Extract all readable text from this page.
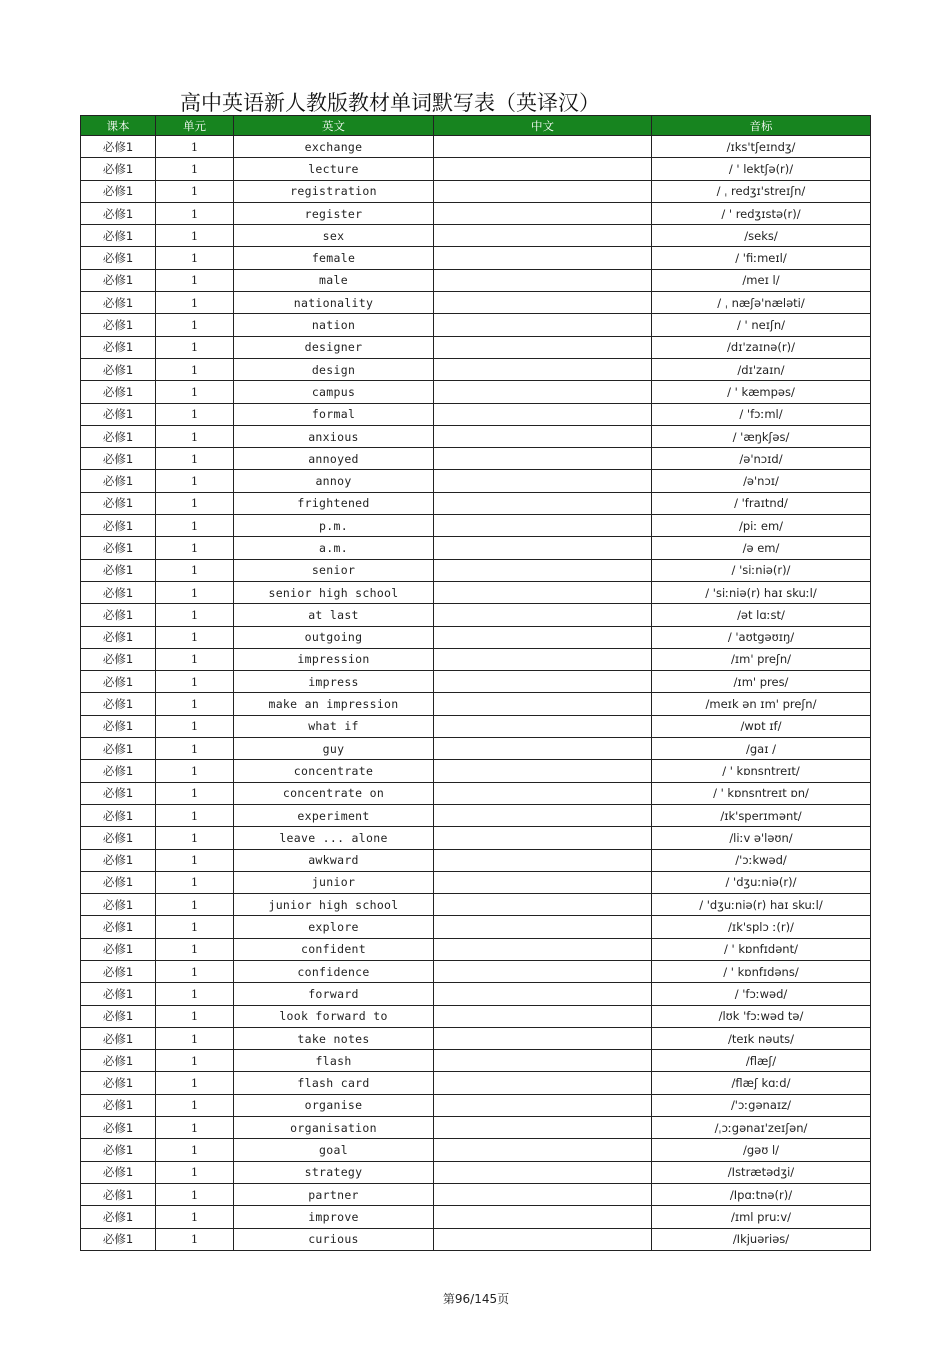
高中英语新人教版教材单词默写表（英译汉）
课本	单元	英文	中文	音标
必修1	1	exchange		/ɪks'tʃeɪndʒ/
必修1	1	lecture		/ ' lektʃə(r)/
必修1	1	registration		/ ˌ redʒɪ'streɪʃn/
必修1	1	register		/ ' redʒɪstə(r)/
必修1	1	sex		/seks/
必修1	1	female		/ 'fiːmeɪl/
必修1	1	male		/meɪ l/
必修1	1	nationality		/ ˌ næʃə'næləti/
必修1	1	nation		/ ' neɪʃn/
必修1	1	designer		/dɪ'zaɪnə(r)/
必修1	1	design		/dɪ'zaɪn/
必修1	1	campus		/ ' kæmpəs/
必修1	1	formal		/ 'fɔːml/
必修1	1	anxious		/ 'æŋkʃəs/
必修1	1	annoyed		/ə'nɔɪd/
必修1	1	annoy		/ə'nɔɪ/
必修1	1	frightened		/ 'fraɪtnd/
必修1	1	p.m.		/piː em/
必修1	1	a.m.		/ə em/
必修1	1	senior		/ 'siːniə(r)/
必修1	1	senior high school		/ 'siːniə(r) haɪ skuːl/
必修1	1	at last		/ət lɑːst/
必修1	1	outgoing		/ 'aʊtgəʊɪŋ/
必修1	1	impression		/ɪm' preʃn/
必修1	1	impress		/ɪm' pres/
必修1	1	make an impression		/meɪk ən ɪm' preʃn/
必修1	1	what if		/wɒt ɪf/
必修1	1	guy		/gaɪ /
必修1	1	concentrate		/ ' kɒnsntreɪt/
必修1	1	concentrate on		/ ' kɒnsntreɪt ɒn/
必修1	1	experiment		/ɪk'sperɪmənt/
必修1	1	leave ... alone		/liːv ə'ləʊn/
必修1	1	awkward		/'ɔːkwəd/
必修1	1	junior		/ 'dʒuːniə(r)/
必修1	1	junior high school		/ 'dʒuːniə(r) haɪ skuːl/
必修1	1	explore		/ɪk'splɔ ː(r)/
必修1	1	confident		/ ' kɒnfɪdənt/
必修1	1	confidence		/ ' kɒnfɪdəns/
必修1	1	forward		/ 'fɔːwəd/
必修1	1	look forward to		/lʊk 'fɔːwəd tə/
必修1	1	take notes		/teɪk nəuts/
必修1	1	flash		/flæʃ/
必修1	1	flash card		/flæʃ kɑːd/
必修1	1	organise		/'ɔːgənaɪz/
必修1	1	organisation		/ˌɔːgənaɪ'zeɪʃən/
必修1	1	goal		/gəʊ l/
必修1	1	strategy		/Istrætədʒi/
必修1	1	partner		/Ipɑːtnə(r)/
必修1	1	improve		/ɪml pruːv/
必修1	1	curious		/Ikjuəriəs/
第96/145页
